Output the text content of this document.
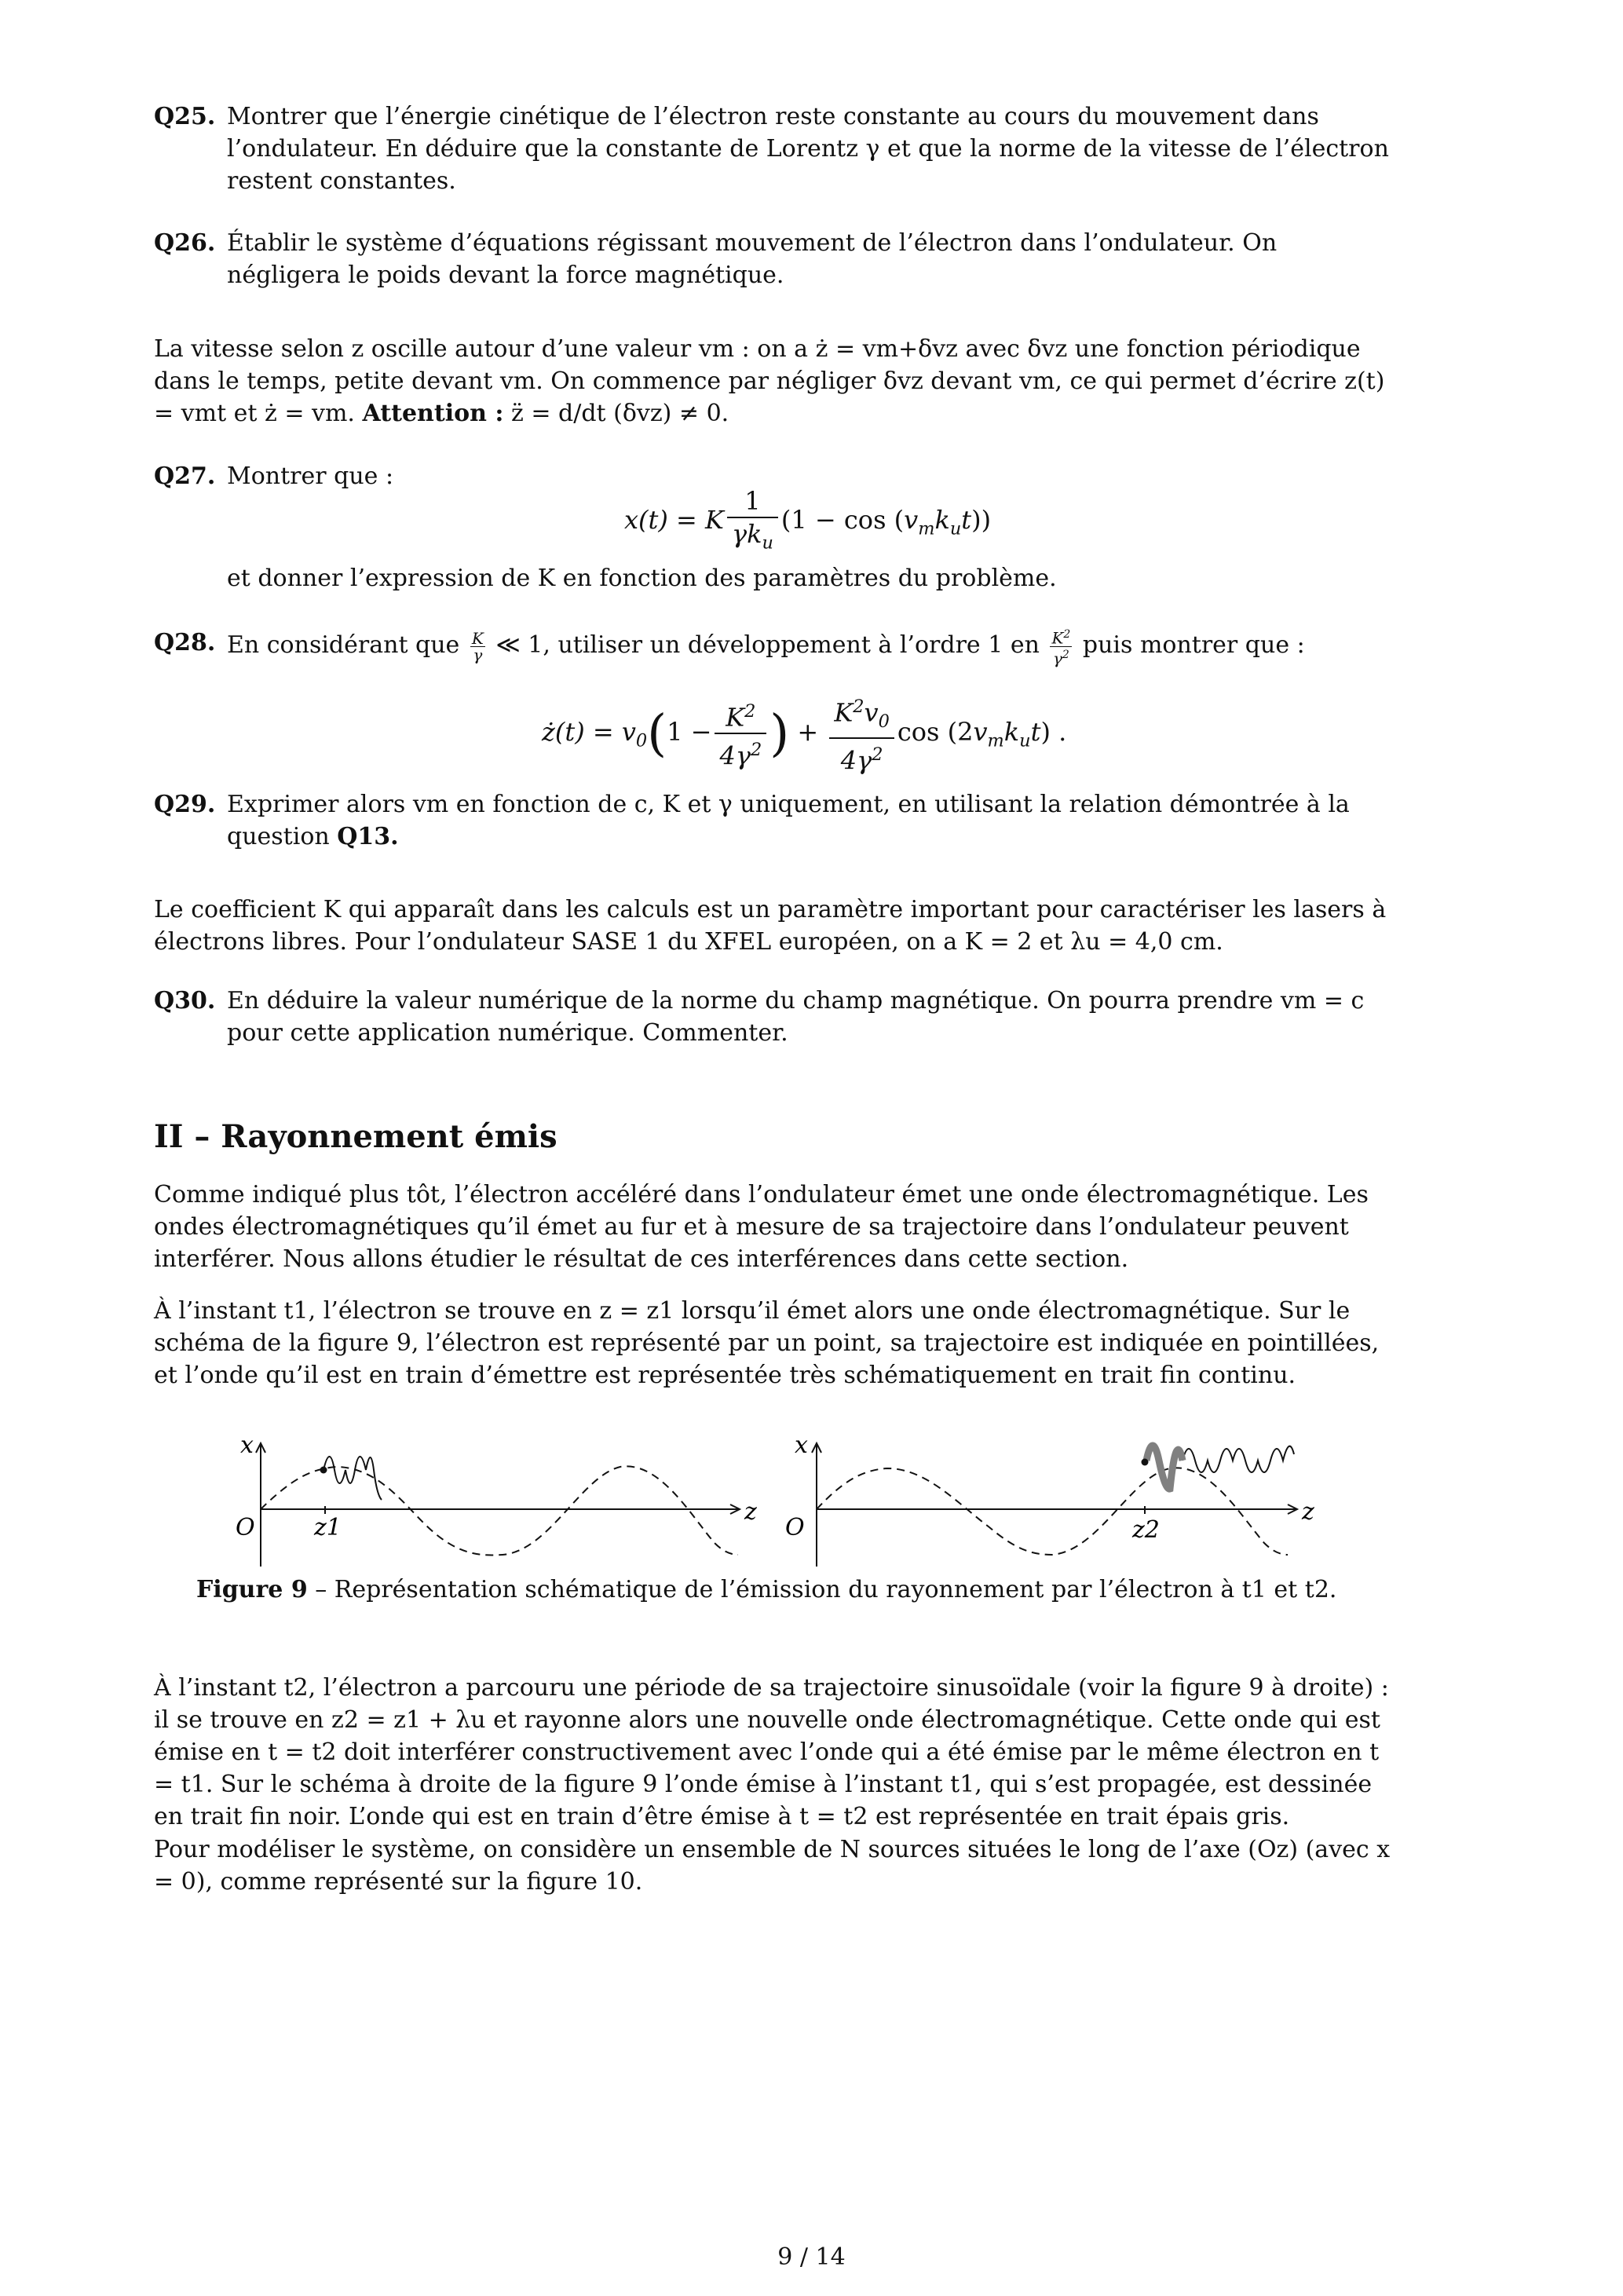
Q25. Montrer que l’énergie cinétique de l’électron reste constante au cours du mouvement dans l’ondulateur. En déduire que la constante de Lorentz γ et que la norme de la vitesse de l’électron restent constantes.
Q26. Établir le système d’équations régissant mouvement de l’électron dans l’ondulateur. On négligera le poids devant la force magnétique.
La vitesse selon z oscille autour d’une valeur vm : on a ż = vm+δvz avec δvz une fonction périodique dans le temps, petite devant vm. On commence par négliger δvz devant vm, ce qui permet d’écrire z(t) = vmt et ż = vm. Attention : z̈ = d/dt (δvz) ≠ 0.
Q27. Montrer que :
x(t) = K $\frac{1}{\gamma k_u} (1 - \cos (v_mk_ut))$
et donner l’expression de K en fonction des paramètres du problème.
Q28. En considérant que $\frac{K}{\gamma}$ ≪ 1, utiliser un développement à l’ordre 1 en $\frac{K^2}{\gamma^2}$ puis montrer que :
ż(t) = $v_0(1 - \frac{K^2}{4\gamma^2}$ ) + $\frac{K^2v_0}{4\gamma^2}$ $\cos (2v_mk_ut)$ .
Q29. Exprimer alors vm en fonction de c, K et γ uniquement, en utilisant la relation démontrée à la question Q13.
Le coefficient K qui apparaît dans les calculs est un paramètre important pour caractériser les lasers à électrons libres. Pour l’ondulateur SASE 1 du XFEL européen, on a K = 2 et λu = 4,0 cm.
Q30. En déduire la valeur numérique de la norme du champ magnétique. On pourra prendre vm = c pour cette application numérique. Commenter.
II – Rayonnement émis
Comme indiqué plus tôt, l’électron accéléré dans l’ondulateur émet une onde électromagnétique. Les ondes électromagnétiques qu’il émet au fur et à mesure de sa trajectoire dans l’ondulateur peuvent interférer. Nous allons étudier le résultat de ces interférences dans cette section.
À l’instant t1, l’électron se trouve en z = z1 lorsqu’il émet alors une onde électromagnétique. Sur le schéma de la figure 9, l’électron est représenté par un point, sa trajectoire est indiquée en pointillées, et l’onde qu’il est en train d’émettre est représentée très schématiquement en trait fin continu.
x
O	z1
z
x
O	z2
z
Figure 9 – Représentation schématique de l’émission du rayonnement par l’électron à t1 et t2.
À l’instant t2, l’électron a parcouru une période de sa trajectoire sinusoïdale (voir la figure 9 à droite) : il se trouve en z2 = z1 + λu et rayonne alors une nouvelle onde électromagnétique. Cette onde qui est émise en t = t2 doit interférer constructivement avec l’onde qui a été émise par le même électron en t = t1. Sur le schéma à droite de la figure 9 l’onde émise à l’instant t1, qui s’est propagée, est dessinée en trait fin noir. L’onde qui est en train d’être émise à t = t2 est représentée en trait épais gris.
Pour modéliser le système, on considère un ensemble de N sources situées le long de l’axe (Oz) (avec x = 0), comme représenté sur la figure 10.
9 / 14
